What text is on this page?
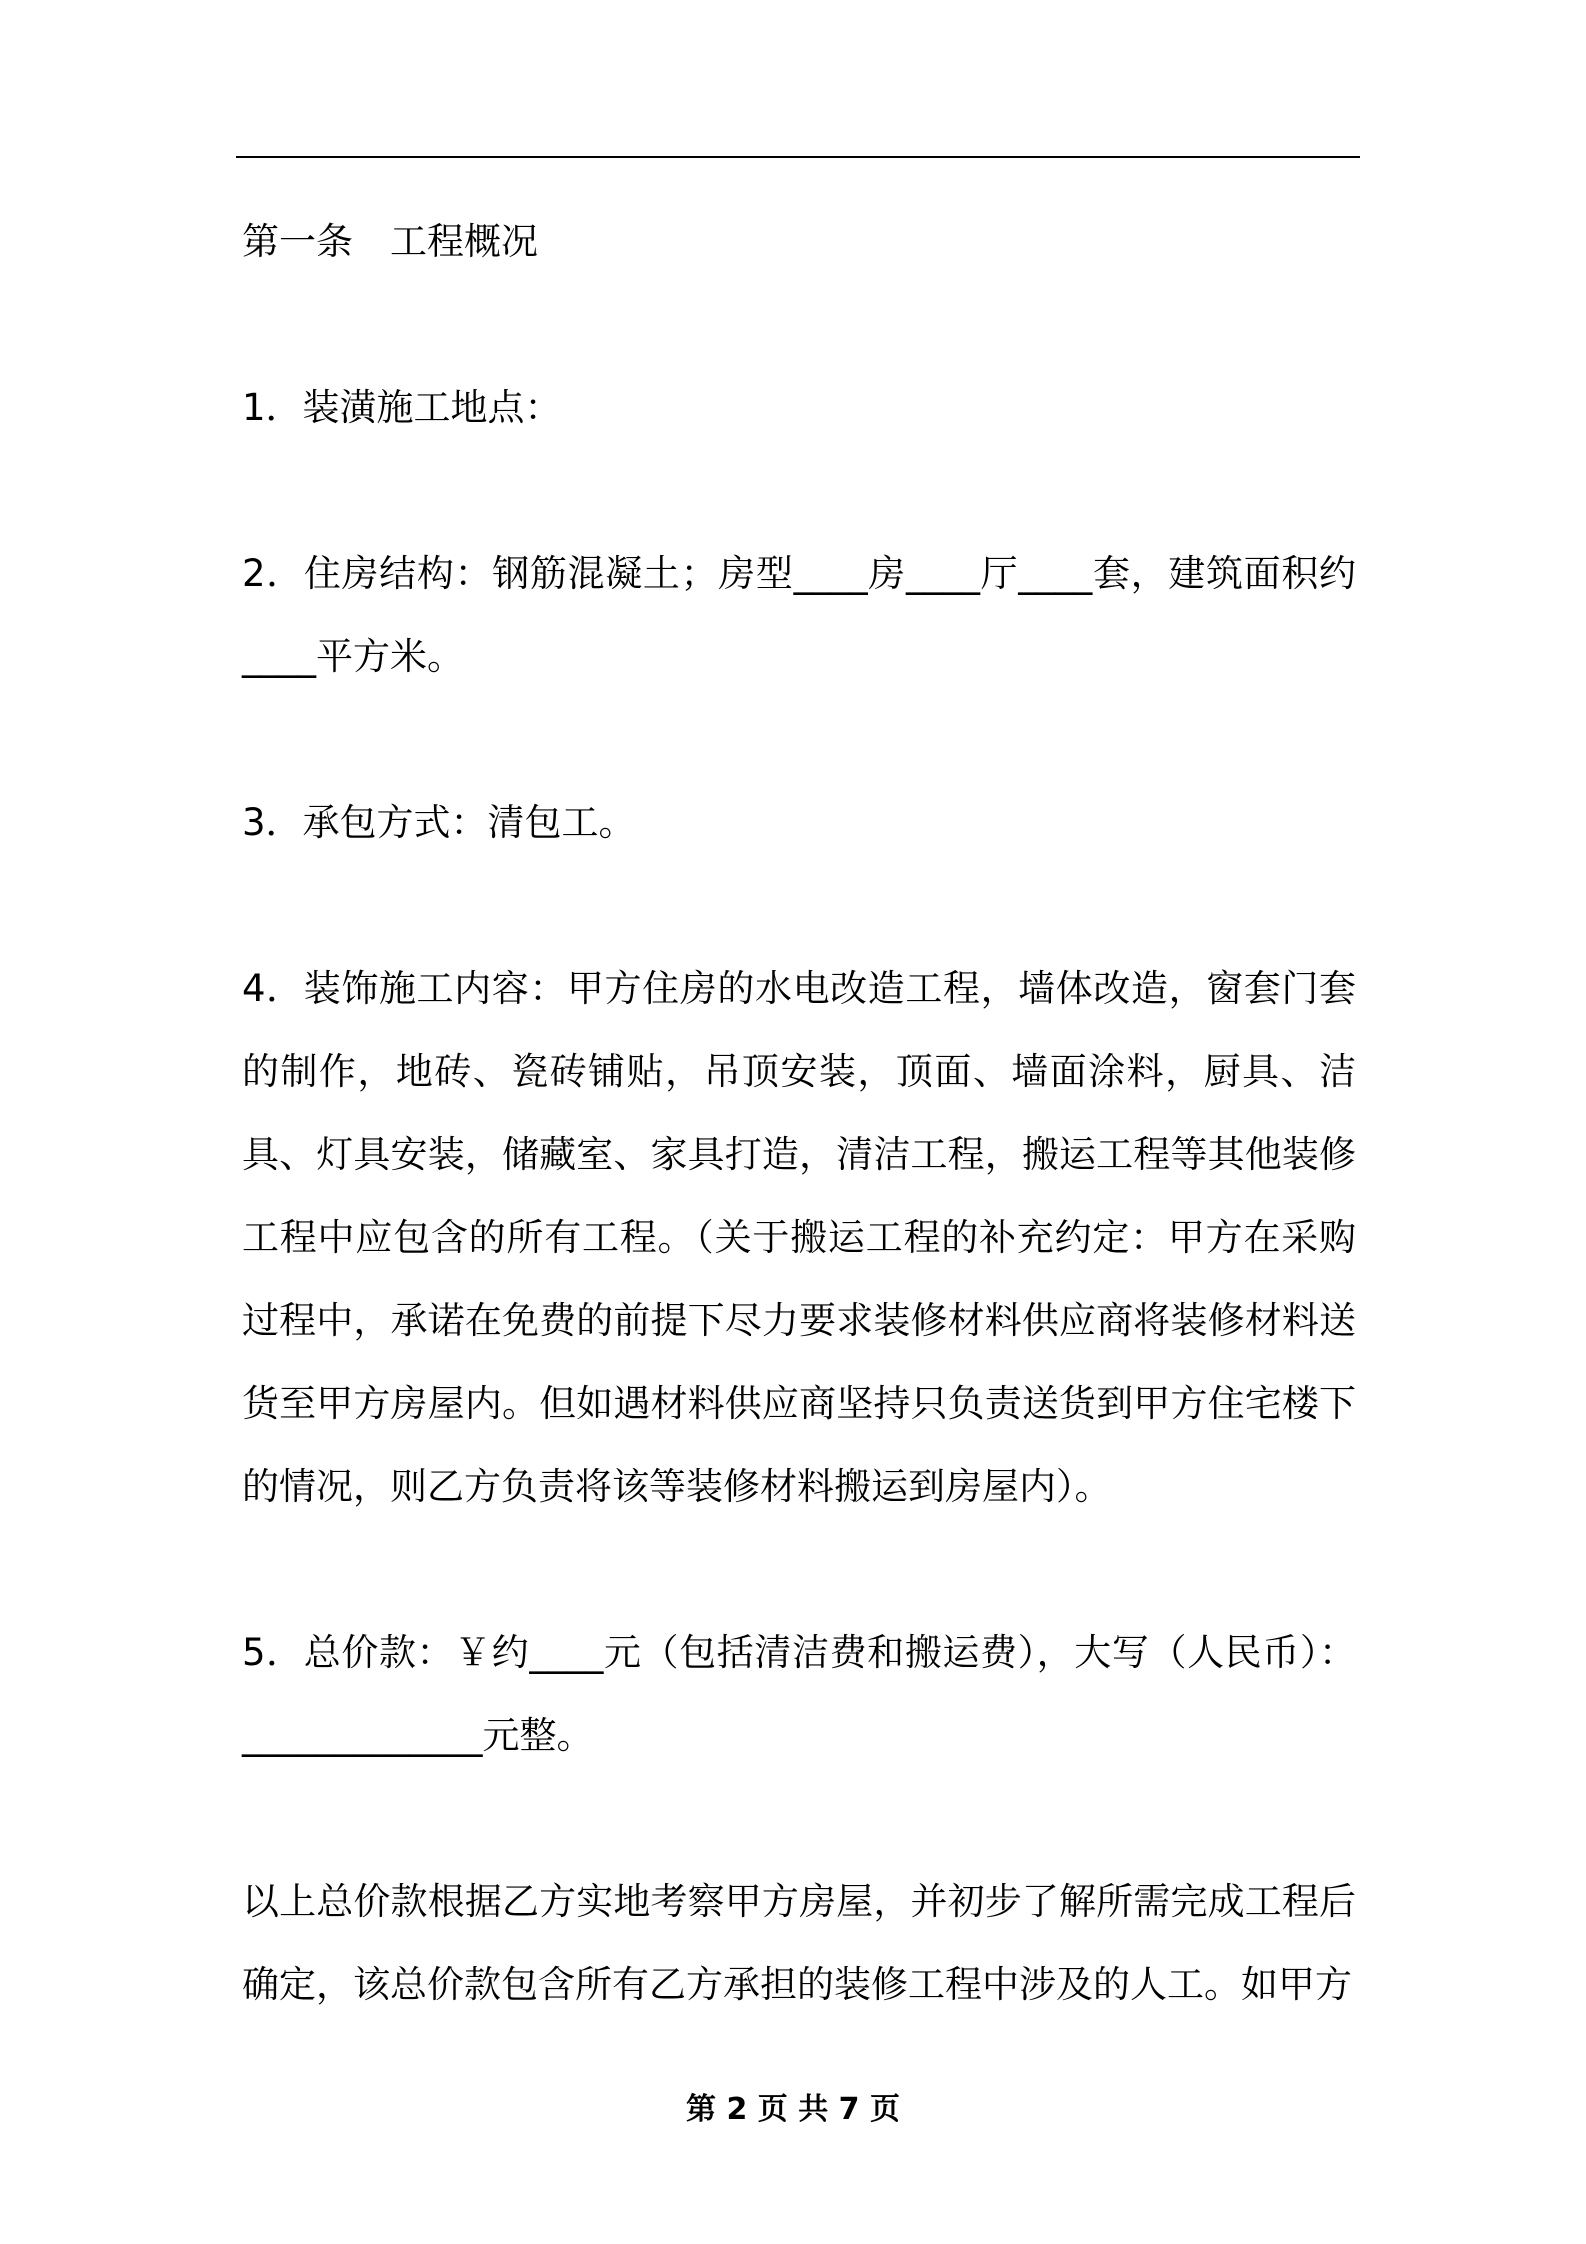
第一条　工程概况

1．装潢施工地点：

2．住房结构：钢筋混凝土；房型____房____厅____套，建筑面积约____平方米。

3．承包方式：清包工。

4．装饰施工内容：甲方住房的水电改造工程，墙体改造，窗套门套的制作，地砖、瓷砖铺贴，吊顶安装，顶面、墙面涂料，厨具、洁具、灯具安装，储藏室、家具打造，清洁工程，搬运工程等其他装修工程中应包含的所有工程。（关于搬运工程的补充约定：甲方在采购过程中，承诺在免费的前提下尽力要求装修材料供应商将装修材料送货至甲方房屋内。但如遇材料供应商坚持只负责送货到甲方住宅楼下的情况，则乙方负责将该等装修材料搬运到房屋内）。

5．总价款：￥约____元（包括清洁费和搬运费），大写（人民币）：_____________元整。

以上总价款根据乙方实地考察甲方房屋，并初步了解所需完成工程后确定，该总价款包含所有乙方承担的装修工程中涉及的人工。如甲方

第 2 页 共 7 页
